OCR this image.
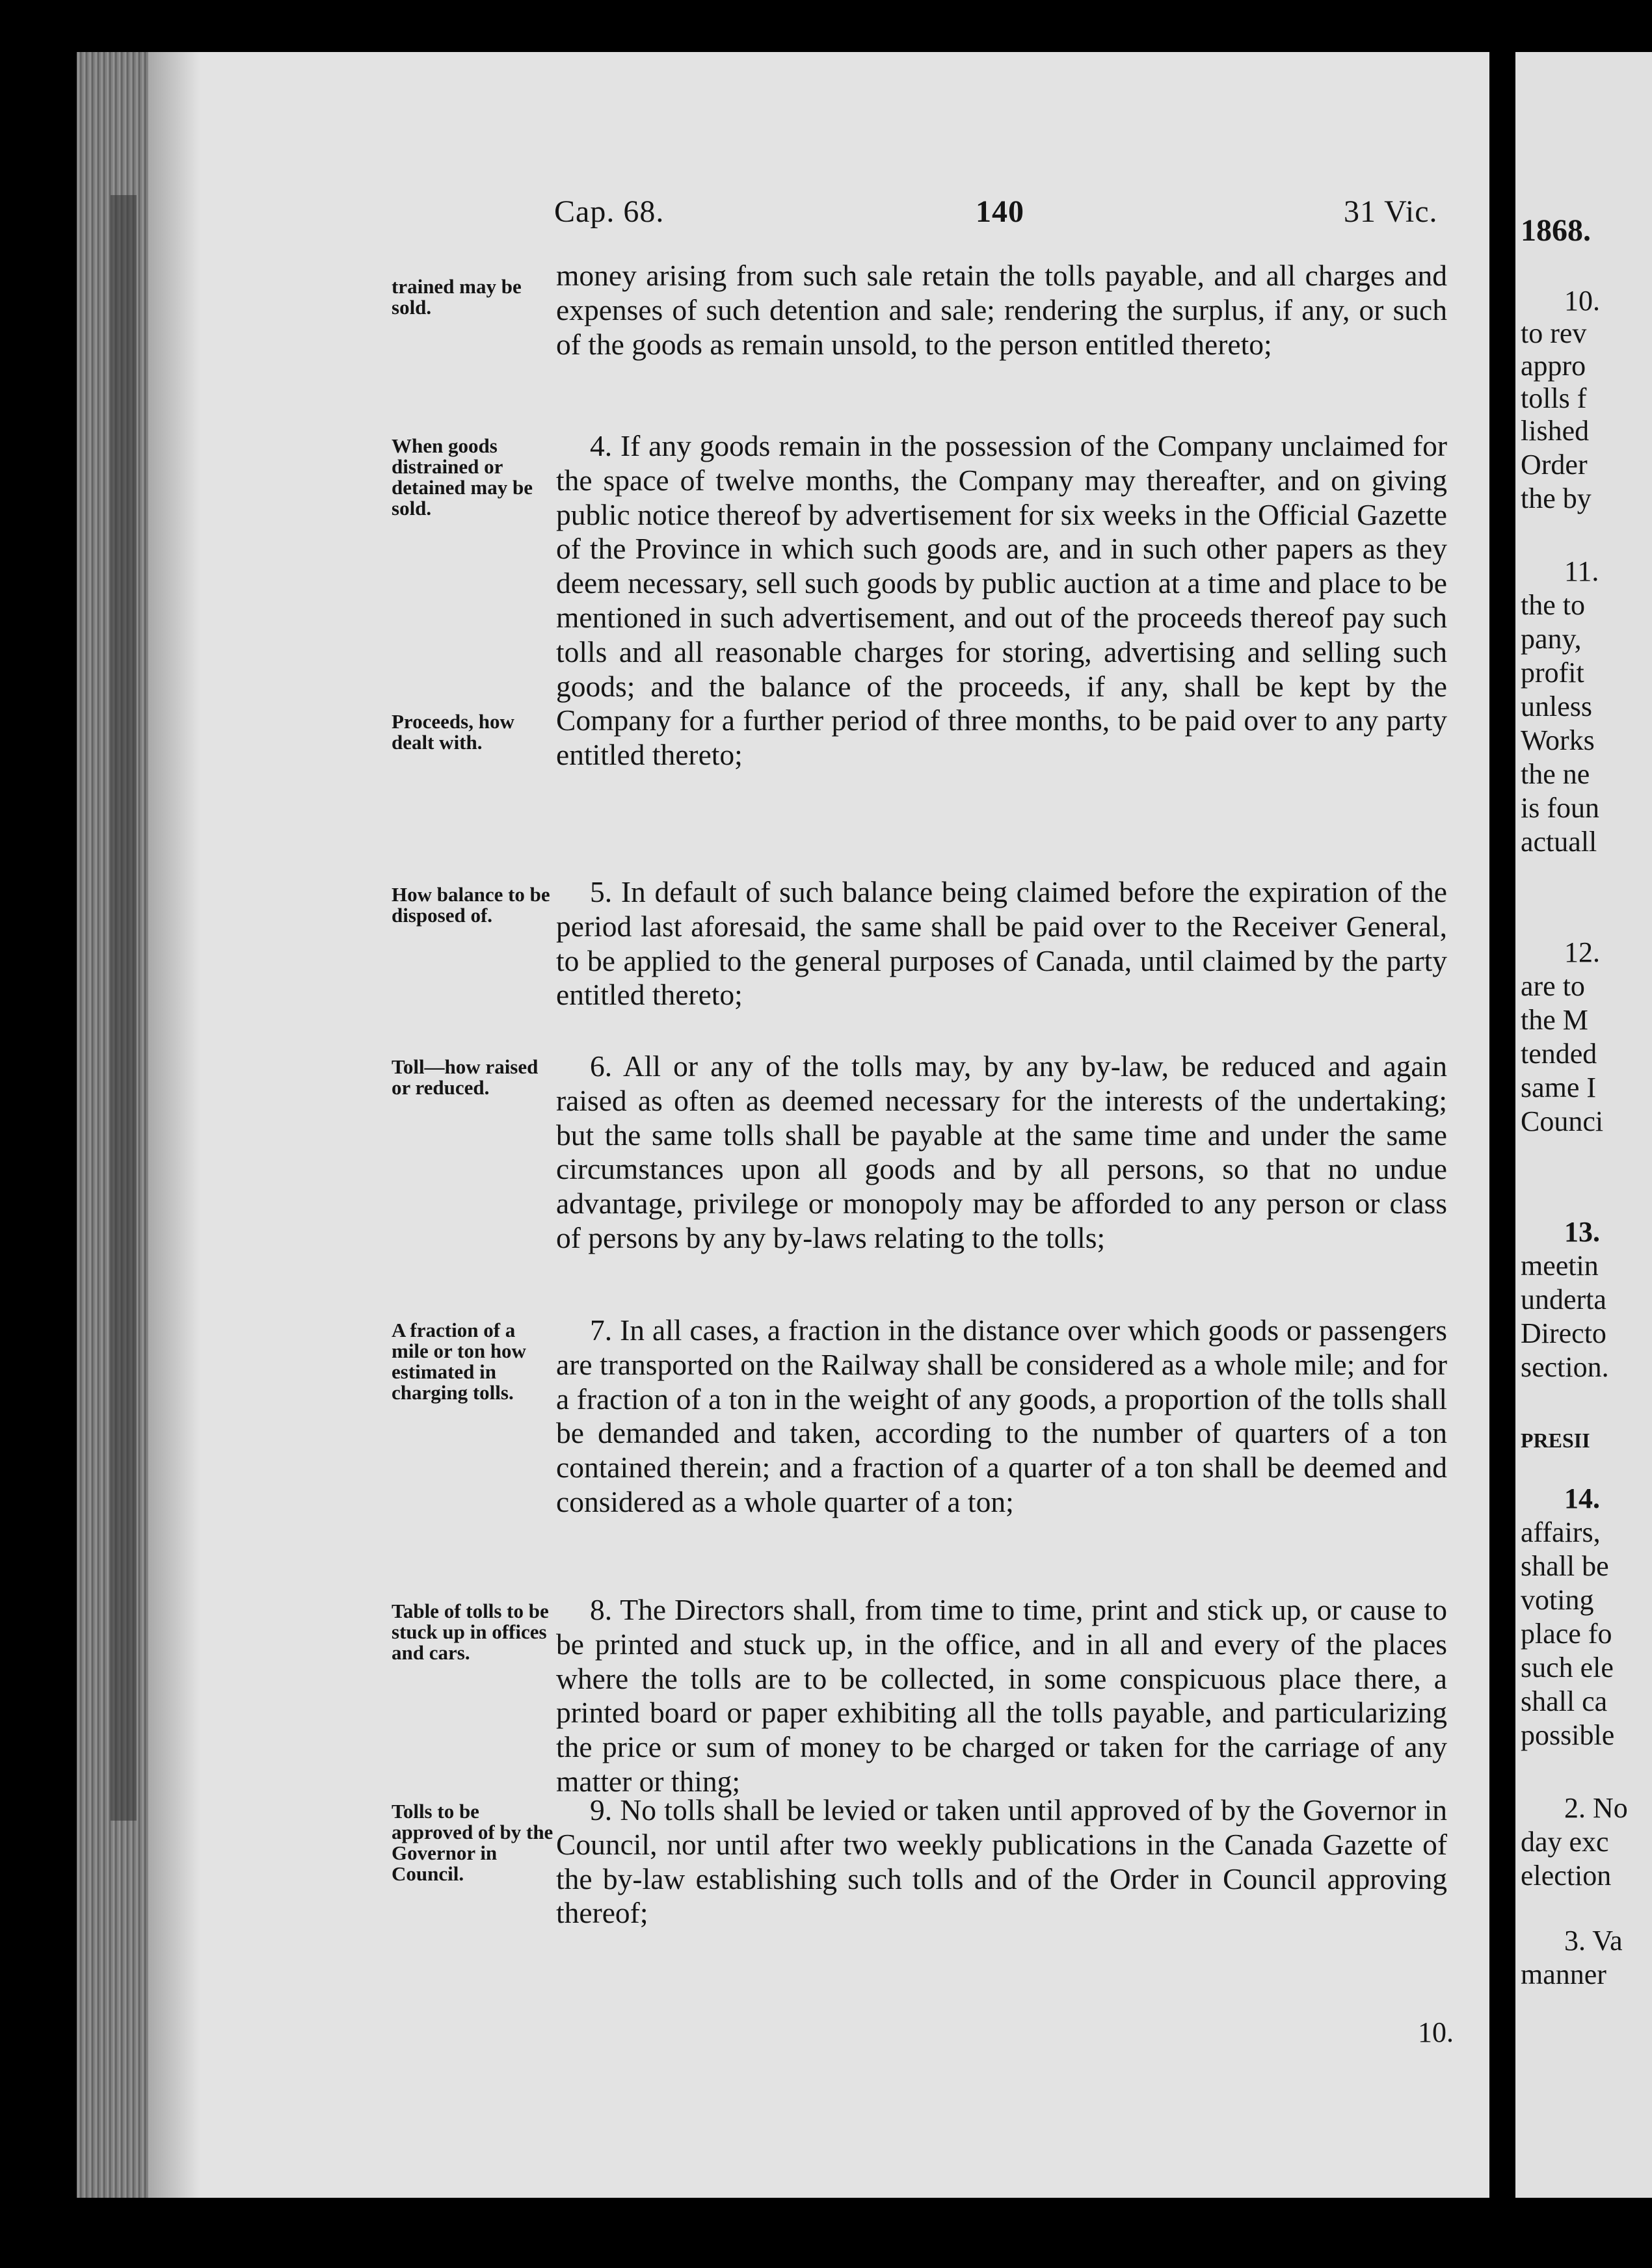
1868.
10.
to rev
appro
tolls f
lished
Order
the by
11.
the to
pany,
profit
unless
Works
the ne
is foun
actuall
12.
are to
the M
tended
same I
Counci
13.
meetin
underta
Directo
section.
PRESII
14.
affairs,
shall be
voting
place fo
such ele
shall ca
possible
2. No
day exc
election
3. Va
manner
Cap. 68.	140	31 Vic.
trained may be sold.
When goods distrained or detained may be sold.
Proceeds, how dealt with.
How balance to be disposed of.
Toll—how raised or reduced.
A fraction of a mile or ton how estimated in charging tolls.
Table of tolls to be stuck up in offices and cars.
Tolls to be approved of by the Governor in Council.

money arising from such sale retain the tolls payable, and all charges and expenses of such detention and sale; rendering the surplus, if any, or such of the goods as remain unsold, to the person entitled thereto;

4. If any goods remain in the possession of the Company unclaimed for the space of twelve months, the Company may thereafter, and on giving public notice thereof by advertisement for six weeks in the Official Gazette of the Province in which such goods are, and in such other papers as they deem necessary, sell such goods by public auction at a time and place to be mentioned in such advertisement, and out of the proceeds thereof pay such tolls and all reasonable charges for storing, advertising and selling such goods; and the balance of the proceeds, if any, shall be kept by the Company for a further period of three months, to be paid over to any party entitled thereto;

5. In default of such balance being claimed before the expiration of the period last aforesaid, the same shall be paid over to the Receiver General, to be applied to the general purposes of Canada, until claimed by the party entitled thereto;

6. All or any of the tolls may, by any by-law, be reduced and again raised as often as deemed necessary for the interests of the undertaking; but the same tolls shall be payable at the same time and under the same circumstances upon all goods and by all persons, so that no undue advantage, privilege or monopoly may be afforded to any person or class of persons by any by-laws relating to the tolls;

7. In all cases, a fraction in the distance over which goods or passengers are transported on the Railway shall be considered as a whole mile; and for a fraction of a ton in the weight of any goods, a proportion of the tolls shall be demanded and taken, according to the number of quarters of a ton contained therein; and a fraction of a quarter of a ton shall be deemed and considered as a whole quarter of a ton;

8. The Directors shall, from time to time, print and stick up, or cause to be printed and stuck up, in the office, and in all and every of the places where the tolls are to be collected, in some conspicuous place there, a printed board or paper exhibiting all the tolls payable, and particularizing the price or sum of money to be charged or taken for the carriage of any matter or thing;

9. No tolls shall be levied or taken until approved of by the Governor in Council, nor until after two weekly publications in the Canada Gazette of the by-law establishing such tolls and of the Order in Council approving thereof;

10.
